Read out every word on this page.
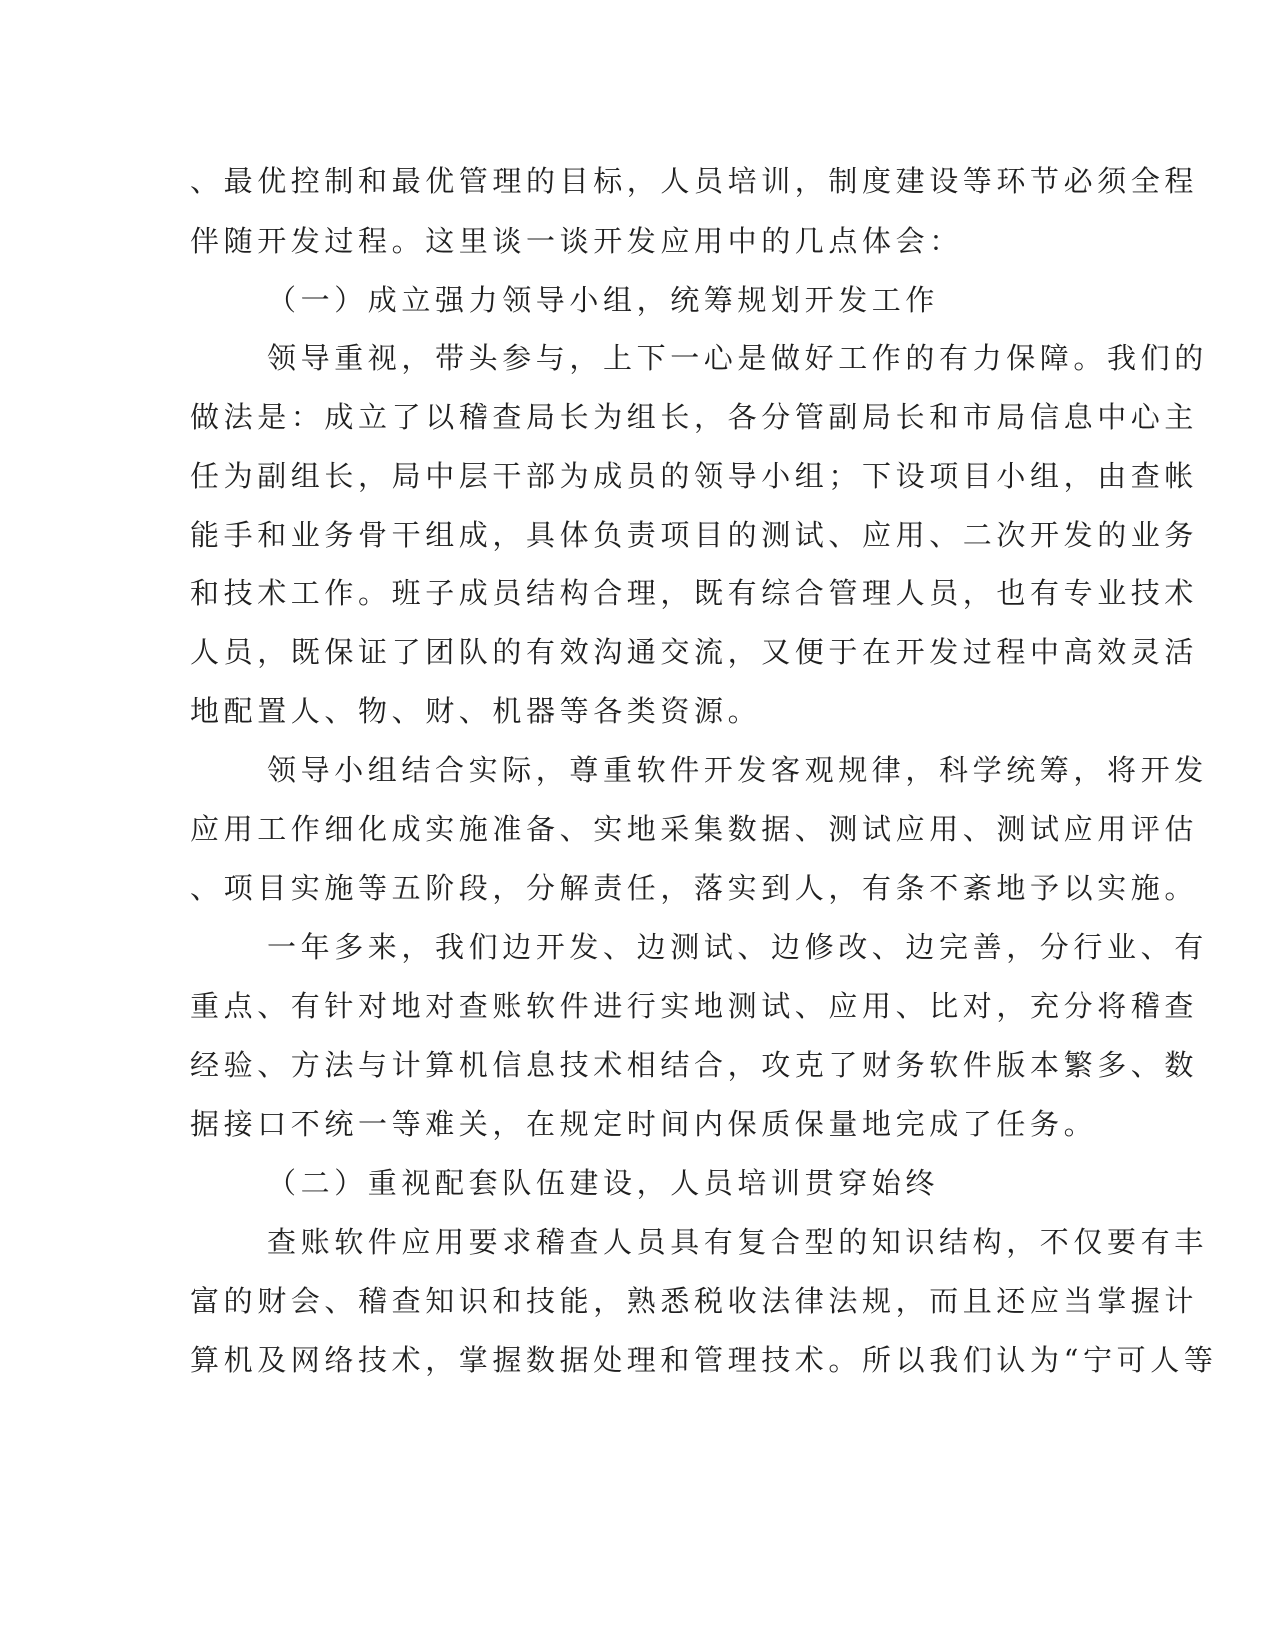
、最优控制和最优管理的目标，人员培训，制度建设等环节必须全程
伴随开发过程。这里谈一谈开发应用中的几点体会：
（一）成立强力领导小组，统筹规划开发工作
领导重视，带头参与，上下一心是做好工作的有力保障。我们的
做法是：成立了以稽查局长为组长，各分管副局长和市局信息中心主
任为副组长，局中层干部为成员的领导小组；下设项目小组，由查帐
能手和业务骨干组成，具体负责项目的测试、应用、二次开发的业务
和技术工作。班子成员结构合理，既有综合管理人员，也有专业技术
人员，既保证了团队的有效沟通交流，又便于在开发过程中高效灵活
地配置人、物、财、机器等各类资源。
领导小组结合实际，尊重软件开发客观规律，科学统筹，将开发
应用工作细化成实施准备、实地采集数据、测试应用、测试应用评估
、项目实施等五阶段，分解责任，落实到人，有条不紊地予以实施。
一年多来，我们边开发、边测试、边修改、边完善，分行业、有
重点、有针对地对查账软件进行实地测试、应用、比对，充分将稽查
经验、方法与计算机信息技术相结合，攻克了财务软件版本繁多、数
据接口不统一等难关，在规定时间内保质保量地完成了任务。
（二）重视配套队伍建设，人员培训贯穿始终
查账软件应用要求稽查人员具有复合型的知识结构，不仅要有丰
富的财会、稽查知识和技能，熟悉税收法律法规，而且还应当掌握计
算机及网络技术，掌握数据处理和管理技术。所以我们认为“宁可人等
